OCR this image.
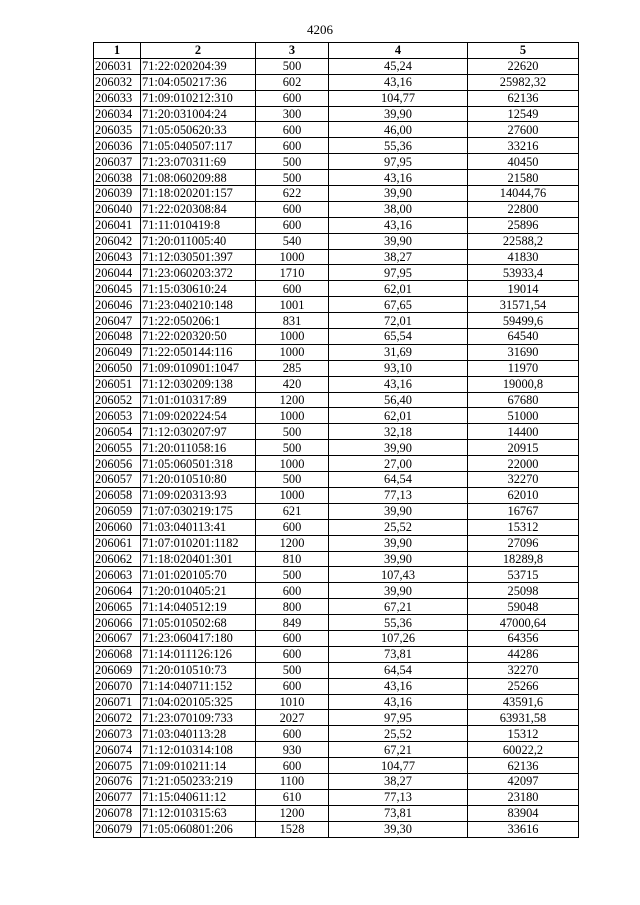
4206
1	2	3	4	5
206031	71:22:020204:39	500	45,24	22620
206032	71:04:050217:36	602	43,16	25982,32
206033	71:09:010212:310	600	104,77	62136
206034	71:20:031004:24	300	39,90	12549
206035	71:05:050620:33	600	46,00	27600
206036	71:05:040507:117	600	55,36	33216
206037	71:23:070311:69	500	97,95	40450
206038	71:08:060209:88	500	43,16	21580
206039	71:18:020201:157	622	39,90	14044,76
206040	71:22:020308:84	600	38,00	22800
206041	71:11:010419:8	600	43,16	25896
206042	71:20:011005:40	540	39,90	22588,2
206043	71:12:030501:397	1000	38,27	41830
206044	71:23:060203:372	1710	97,95	53933,4
206045	71:15:030610:24	600	62,01	19014
206046	71:23:040210:148	1001	67,65	31571,54
206047	71:22:050206:1	831	72,01	59499,6
206048	71:22:020320:50	1000	65,54	64540
206049	71:22:050144:116	1000	31,69	31690
206050	71:09:010901:1047	285	93,10	11970
206051	71:12:030209:138	420	43,16	19000,8
206052	71:01:010317:89	1200	56,40	67680
206053	71:09:020224:54	1000	62,01	51000
206054	71:12:030207:97	500	32,18	14400
206055	71:20:011058:16	500	39,90	20915
206056	71:05:060501:318	1000	27,00	22000
206057	71:20:010510:80	500	64,54	32270
206058	71:09:020313:93	1000	77,13	62010
206059	71:07:030219:175	621	39,90	16767
206060	71:03:040113:41	600	25,52	15312
206061	71:07:010201:1182	1200	39,90	27096
206062	71:18:020401:301	810	39,90	18289,8
206063	71:01:020105:70	500	107,43	53715
206064	71:20:010405:21	600	39,90	25098
206065	71:14:040512:19	800	67,21	59048
206066	71:05:010502:68	849	55,36	47000,64
206067	71:23:060417:180	600	107,26	64356
206068	71:14:011126:126	600	73,81	44286
206069	71:20:010510:73	500	64,54	32270
206070	71:14:040711:152	600	43,16	25266
206071	71:04:020105:325	1010	43,16	43591,6
206072	71:23:070109:733	2027	97,95	63931,58
206073	71:03:040113:28	600	25,52	15312
206074	71:12:010314:108	930	67,21	60022,2
206075	71:09:010211:14	600	104,77	62136
206076	71:21:050233:219	1100	38,27	42097
206077	71:15:040611:12	610	77,13	23180
206078	71:12:010315:63	1200	73,81	83904
206079	71:05:060801:206	1528	39,30	33616
